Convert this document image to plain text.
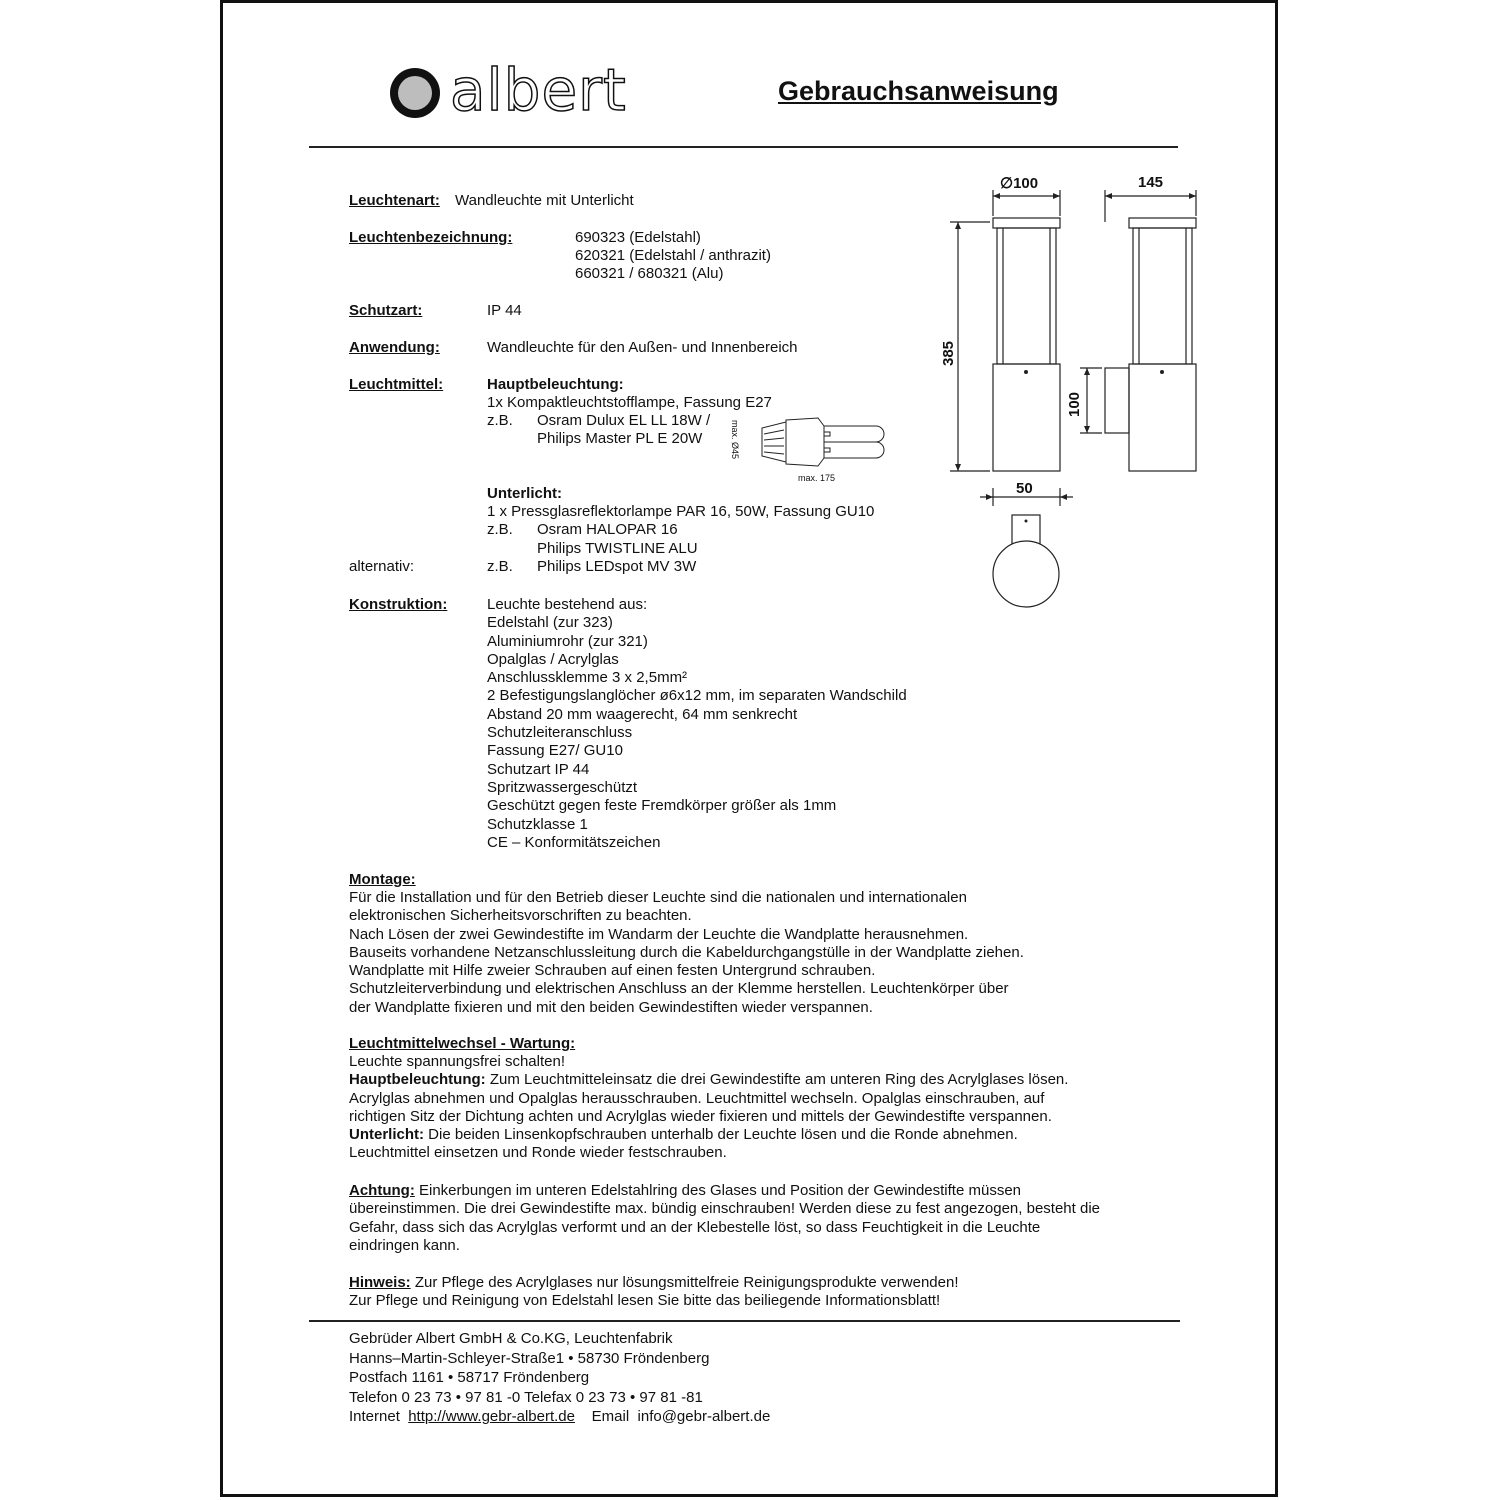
albert	Gebrauchsanweisung
Leuchtenart: Wandleuchte mit Unterlicht
Leuchtenbezeichnung:	690323 (Edelstahl)
620321 (Edelstahl / anthrazit)
660321 / 680321 (Alu)
Schutzart:	IP 44
Anwendung:	Wandleuchte für den Außen- und Innenbereich
Leuchtmittel:	Hauptbeleuchtung:
1x Kompaktleuchtstofflampe, Fassung E27
z.B. Osram Dulux EL LL 18W /
Philips Master PL E 20W	max. Ø45
max. 175
Unterlicht:
1 x Pressglasreflektorlampe PAR 16, 50W, Fassung GU10
z.B. Osram HALOPAR 16
Philips TWISTLINE ALU
alternativ:	z.B. Philips LEDspot MV 3W
Konstruktion:	Leuchte bestehend aus:
Edelstahl (zur 323)
Aluminiumrohr (zur 321)
Opalglas / Acrylglas
Anschlussklemme 3 x 2,5mm²
2 Befestigungslanglöcher ø6x12 mm, im separaten Wandschild
Abstand 20 mm waagerecht, 64 mm senkrecht
Schutzleiteranschluss
Fassung E27/ GU10
Schutzart IP 44
Spritzwassergeschützt
Geschützt gegen feste Fremdkörper größer als 1mm
Schutzklasse 1
CE – Konformitätszeichen
∅100	145
385
100
50
Montage:
Für die Installation und für den Betrieb dieser Leuchte sind die nationalen und internationalen
elektronischen Sicherheitsvorschriften zu beachten.
Nach Lösen der zwei Gewindestifte im Wandarm der Leuchte die Wandplatte herausnehmen.
Bauseits vorhandene Netzanschlussleitung durch die Kabeldurchgangstülle in der Wandplatte ziehen.
Wandplatte mit Hilfe zweier Schrauben auf einen festen Untergrund schrauben.
Schutzleiterverbindung und elektrischen Anschluss an der Klemme herstellen. Leuchtenkörper über
der Wandplatte fixieren und mit den beiden Gewindestiften wieder verspannen.
Leuchtmittelwechsel - Wartung:
Leuchte spannungsfrei schalten!
Hauptbeleuchtung: Zum Leuchtmitteleinsatz die drei Gewindestifte am unteren Ring des Acrylglases lösen.
Acrylglas abnehmen und Opalglas herausschrauben. Leuchtmittel wechseln. Opalglas einschrauben, auf
richtigen Sitz der Dichtung achten und Acrylglas wieder fixieren und mittels der Gewindestifte verspannen.
Unterlicht: Die beiden Linsenkopfschrauben unterhalb der Leuchte lösen und die Ronde abnehmen.
Leuchtmittel einsetzen und Ronde wieder festschrauben.
Achtung: Einkerbungen im unteren Edelstahlring des Glases und Position der Gewindestifte müssen
übereinstimmen. Die drei Gewindestifte max. bündig einschrauben! Werden diese zu fest angezogen, besteht die
Gefahr, dass sich das Acrylglas verformt und an der Klebestelle löst, so dass Feuchtigkeit in die Leuchte
eindringen kann.
Hinweis: Zur Pflege des Acrylglases nur lösungsmittelfreie Reinigungsprodukte verwenden!
Zur Pflege und Reinigung von Edelstahl lesen Sie bitte das beiliegende Informationsblatt!
Gebrüder Albert GmbH & Co.KG, Leuchtenfabrik
Hanns–Martin-Schleyer-Straße1 • 58730 Fröndenberg
Postfach 1161 • 58717 Fröndenberg
Telefon 0 23 73 • 97 81 -0 Telefax 0 23 73 • 97 81 -81
Internet http://www.gebr-albert.de Email info@gebr-albert.de
